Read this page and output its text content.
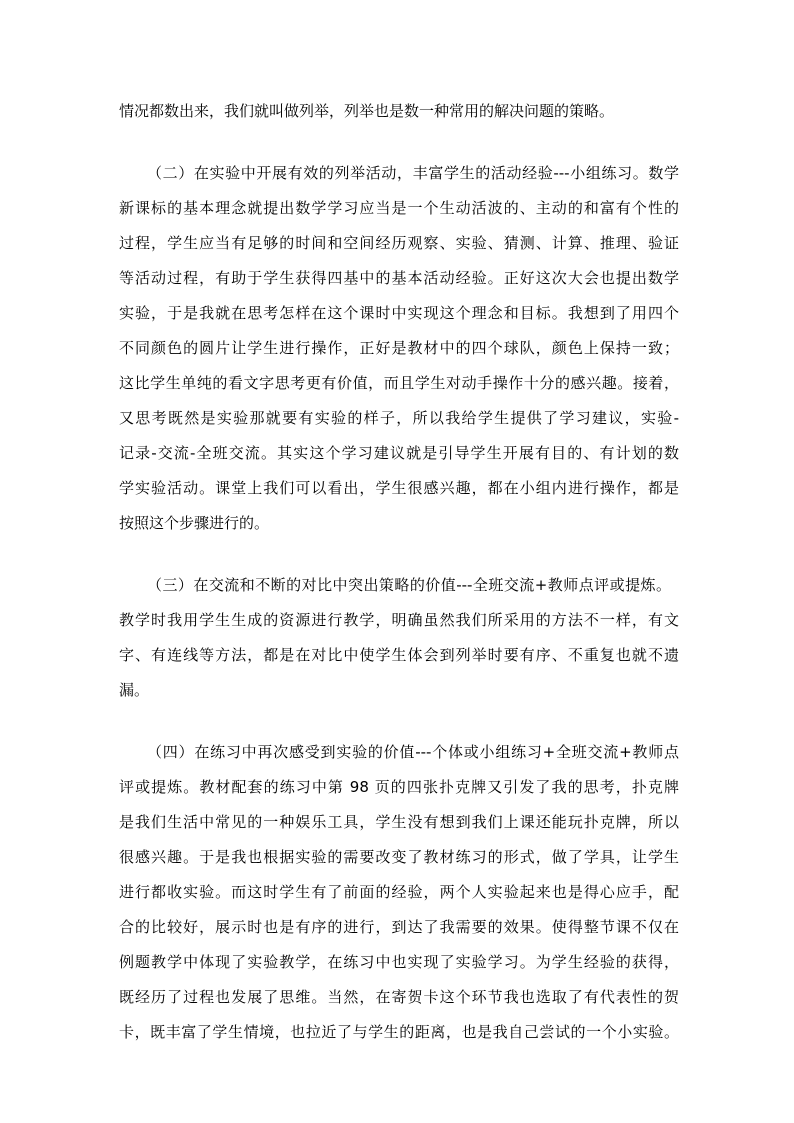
情况都数出来，我们就叫做列举，列举也是数一种常用的解决问题的策略。
（二）在实验中开展有效的列举活动，丰富学生的活动经验---小组练习。数学
新课标的基本理念就提出数学学习应当是一个生动活波的、主动的和富有个性的
过程，学生应当有足够的时间和空间经历观察、实验、猜测、计算、推理、验证
等活动过程，有助于学生获得四基中的基本活动经验。正好这次大会也提出数学
实验，于是我就在思考怎样在这个课时中实现这个理念和目标。我想到了用四个
不同颜色的圆片让学生进行操作，正好是教材中的四个球队，颜色上保持一致；
这比学生单纯的看文字思考更有价值，而且学生对动手操作十分的感兴趣。接着，
又思考既然是实验那就要有实验的样子，所以我给学生提供了学习建议，实验-
记录-交流-全班交流。其实这个学习建议就是引导学生开展有目的、有计划的数
学实验活动。课堂上我们可以看出，学生很感兴趣，都在小组内进行操作，都是
按照这个步骤进行的。
（三）在交流和不断的对比中突出策略的价值---全班交流+教师点评或提炼。
教学时我用学生生成的资源进行教学，明确虽然我们所采用的方法不一样，有文
字、有连线等方法，都是在对比中使学生体会到列举时要有序、不重复也就不遗
漏。
（四）在练习中再次感受到实验的价值---个体或小组练习+全班交流+教师点
评或提炼。教材配套的练习中第 98 页的四张扑克牌又引发了我的思考，扑克牌
是我们生活中常见的一种娱乐工具，学生没有想到我们上课还能玩扑克牌，所以
很感兴趣。于是我也根据实验的需要改变了教材练习的形式，做了学具，让学生
进行都收实验。而这时学生有了前面的经验，两个人实验起来也是得心应手，配
合的比较好，展示时也是有序的进行，到达了我需要的效果。使得整节课不仅在
例题教学中体现了实验教学，在练习中也实现了实验学习。为学生经验的获得，
既经历了过程也发展了思维。当然，在寄贺卡这个环节我也选取了有代表性的贺
卡，既丰富了学生情境，也拉近了与学生的距离，也是我自己尝试的一个小实验。
